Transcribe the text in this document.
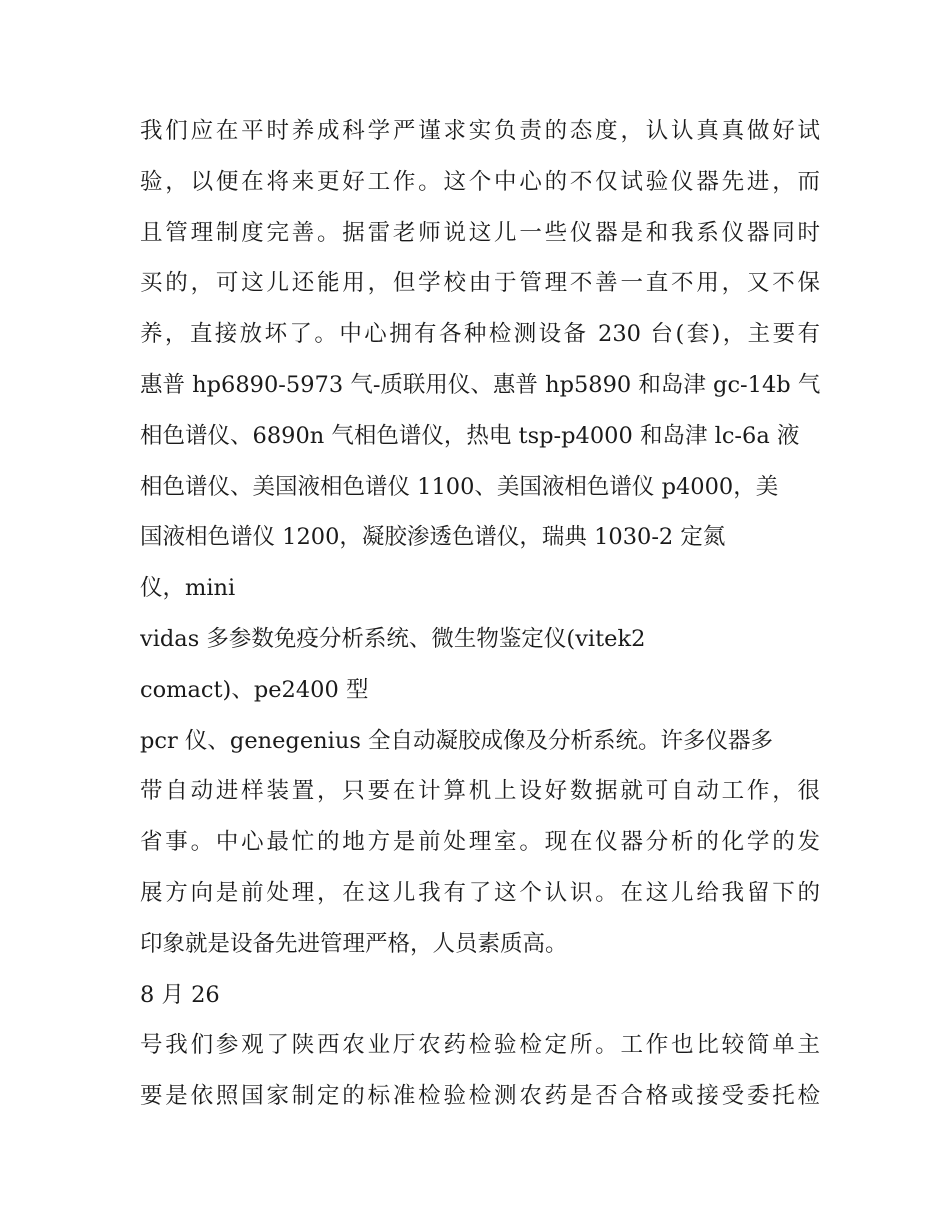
我们应在平时养成科学严谨求实负责的态度，认认真真做好试
验，以便在将来更好工作。这个中心的不仅试验仪器先进，而
且管理制度完善。据雷老师说这儿一些仪器是和我系仪器同时
买的，可这儿还能用，但学校由于管理不善一直不用，又不保
养，直接放坏了。中心拥有各种检测设备 230 台(套)，主要有
惠普 hp6890-5973 气-质联用仪、惠普 hp5890 和岛津 gc-14b 气
相色谱仪、6890n 气相色谱仪，热电 tsp-p4000 和岛津 lc-6a 液
相色谱仪、美国液相色谱仪 1100、美国液相色谱仪 p4000，美
国液相色谱仪 1200，凝胶渗透色谱仪，瑞典 1030-2 定氮
仪，mini
vidas 多参数免疫分析系统、微生物鉴定仪(vitek2
comact)、pe2400 型
pcr 仪、genegenius 全自动凝胶成像及分析系统。许多仪器多
带自动进样装置，只要在计算机上设好数据就可自动工作，很
省事。中心最忙的地方是前处理室。现在仪器分析的化学的发
展方向是前处理，在这儿我有了这个认识。在这儿给我留下的
印象就是设备先进管理严格，人员素质高。
8 月 26
号我们参观了陕西农业厅农药检验检定所。工作也比较简单主
要是依照国家制定的标准检验检测农药是否合格或接受委托检
